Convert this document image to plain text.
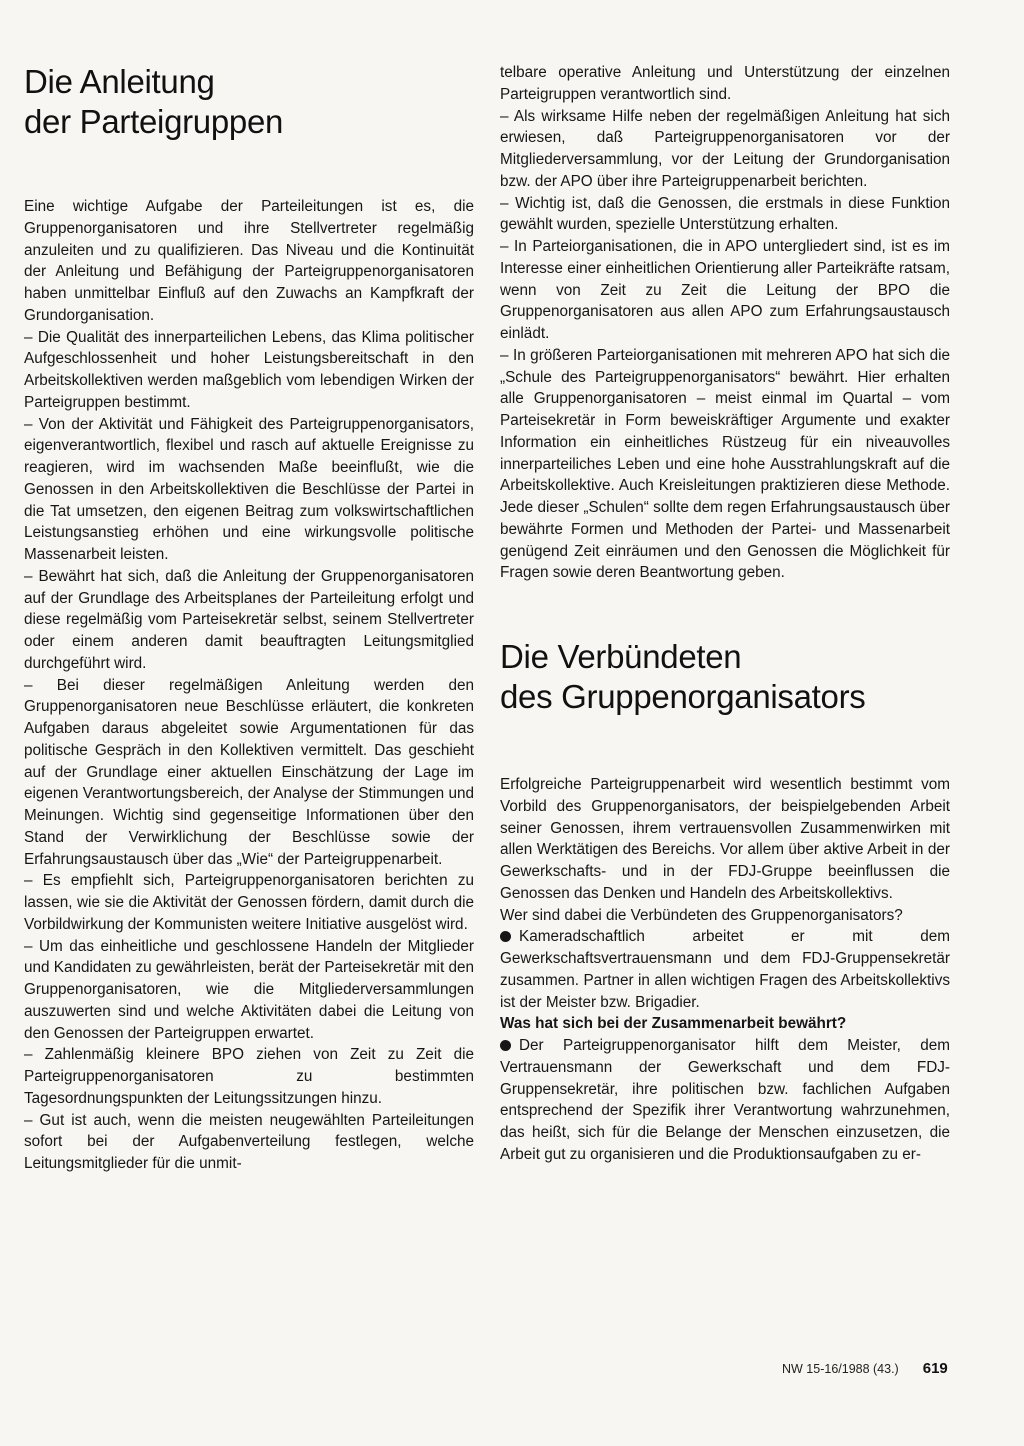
Die Anleitung
der Parteigruppen

Eine wichtige Aufgabe der Parteileitungen ist es, die Gruppenorganisatoren und ihre Stellvertreter regelmäßig anzuleiten und zu qualifizieren. Das Niveau und die Kontinuität der Anleitung und Befähigung der Parteigruppenorganisatoren haben unmittelbar Einfluß auf den Zuwachs an Kampfkraft der Grundorganisation.

– Die Qualität des innerparteilichen Lebens, das Klima politischer Aufgeschlossenheit und hoher Leistungsbereitschaft in den Arbeitskollektiven werden maßgeblich vom lebendigen Wirken der Parteigruppen bestimmt.

– Von der Aktivität und Fähigkeit des Parteigruppenorganisators, eigenverantwortlich, flexibel und rasch auf aktuelle Ereignisse zu reagieren, wird im wachsenden Maße beeinflußt, wie die Genossen in den Arbeitskollektiven die Beschlüsse der Partei in die Tat umsetzen, den eigenen Beitrag zum volkswirtschaftlichen Leistungsanstieg erhöhen und eine wirkungsvolle politische Massenarbeit leisten.

– Bewährt hat sich, daß die Anleitung der Gruppenorganisatoren auf der Grundlage des Arbeitsplanes der Parteileitung erfolgt und diese regelmäßig vom Parteisekretär selbst, seinem Stellvertreter oder einem anderen damit beauftragten Leitungsmitglied durchgeführt wird.

– Bei dieser regelmäßigen Anleitung werden den Gruppenorganisatoren neue Beschlüsse erläutert, die konkreten Aufgaben daraus abgeleitet sowie Argumentationen für das politische Gespräch in den Kollektiven vermittelt. Das geschieht auf der Grundlage einer aktuellen Einschätzung der Lage im eigenen Verantwortungsbereich, der Analyse der Stimmungen und Meinungen. Wichtig sind gegenseitige Informationen über den Stand der Verwirklichung der Beschlüsse sowie der Erfahrungsaustausch über das „Wie“ der Parteigruppenarbeit.

– Es empfiehlt sich, Parteigruppenorganisatoren berichten zu lassen, wie sie die Aktivität der Genossen fördern, damit durch die Vorbildwirkung der Kommunisten weitere Initiative ausgelöst wird.

– Um das einheitliche und geschlossene Handeln der Mitglieder und Kandidaten zu gewährleisten, berät der Parteisekretär mit den Gruppenorganisatoren, wie die Mitgliederversammlungen auszuwerten sind und welche Aktivitäten dabei die Leitung von den Genossen der Parteigruppen erwartet.

– Zahlenmäßig kleinere BPO ziehen von Zeit zu Zeit die Parteigruppenorganisatoren zu bestimmten Tagesordnungspunkten der Leitungssitzungen hinzu.

– Gut ist auch, wenn die meisten neugewählten Parteileitungen sofort bei der Aufgabenverteilung festlegen, welche Leitungsmitglieder für die unmit-

telbare operative Anleitung und Unterstützung der einzelnen Parteigruppen verantwortlich sind.

– Als wirksame Hilfe neben der regelmäßigen Anleitung hat sich erwiesen, daß Parteigruppenorganisatoren vor der Mitgliederversammlung, vor der Leitung der Grundorganisation bzw. der APO über ihre Parteigruppenarbeit berichten.

– Wichtig ist, daß die Genossen, die erstmals in diese Funktion gewählt wurden, spezielle Unterstützung erhalten.

– In Parteiorganisationen, die in APO untergliedert sind, ist es im Interesse einer einheitlichen Orientierung aller Parteikräfte ratsam, wenn von Zeit zu Zeit die Leitung der BPO die Gruppenorganisatoren aus allen APO zum Erfahrungsaustausch einlädt.

– In größeren Parteiorganisationen mit mehreren APO hat sich die „Schule des Parteigruppenorganisators“ bewährt. Hier erhalten alle Gruppenorganisatoren – meist einmal im Quartal – vom Parteisekretär in Form beweiskräftiger Argumente und exakter Information ein einheitliches Rüstzeug für ein niveauvolles innerparteiliches Leben und eine hohe Ausstrahlungskraft auf die Arbeitskollektive. Auch Kreisleitungen praktizieren diese Methode. Jede dieser „Schulen“ sollte dem regen Erfahrungsaustausch über bewährte Formen und Methoden der Partei- und Massenarbeit genügend Zeit einräumen und den Genossen die Möglichkeit für Fragen sowie deren Beantwortung geben.

Die Verbündeten
des Gruppenorganisators

Erfolgreiche Parteigruppenarbeit wird wesentlich bestimmt vom Vorbild des Gruppenorganisators, der beispielgebenden Arbeit seiner Genossen, ihrem vertrauensvollen Zusammenwirken mit allen Werktätigen des Bereichs. Vor allem über aktive Arbeit in der Gewerkschafts- und in der FDJ-Gruppe beeinflussen die Genossen das Denken und Handeln des Arbeitskollektivs.

Wer sind dabei die Verbündeten des Gruppenorganisators?

Kameradschaftlich arbeitet er mit dem Gewerkschaftsvertrauensmann und dem FDJ-Gruppensekretär zusammen. Partner in allen wichtigen Fragen des Arbeitskollektivs ist der Meister bzw. Brigadier.

Was hat sich bei der Zusammenarbeit bewährt?

Der Parteigruppenorganisator hilft dem Meister, dem Vertrauensmann der Gewerkschaft und dem FDJ-Gruppensekretär, ihre politischen bzw. fachlichen Aufgaben entsprechend der Spezifik ihrer Verantwortung wahrzunehmen, das heißt, sich für die Belange der Menschen einzusetzen, die Arbeit gut zu organisieren und die Produktionsaufgaben zu er-

NW 15-16/1988 (43.) 619
